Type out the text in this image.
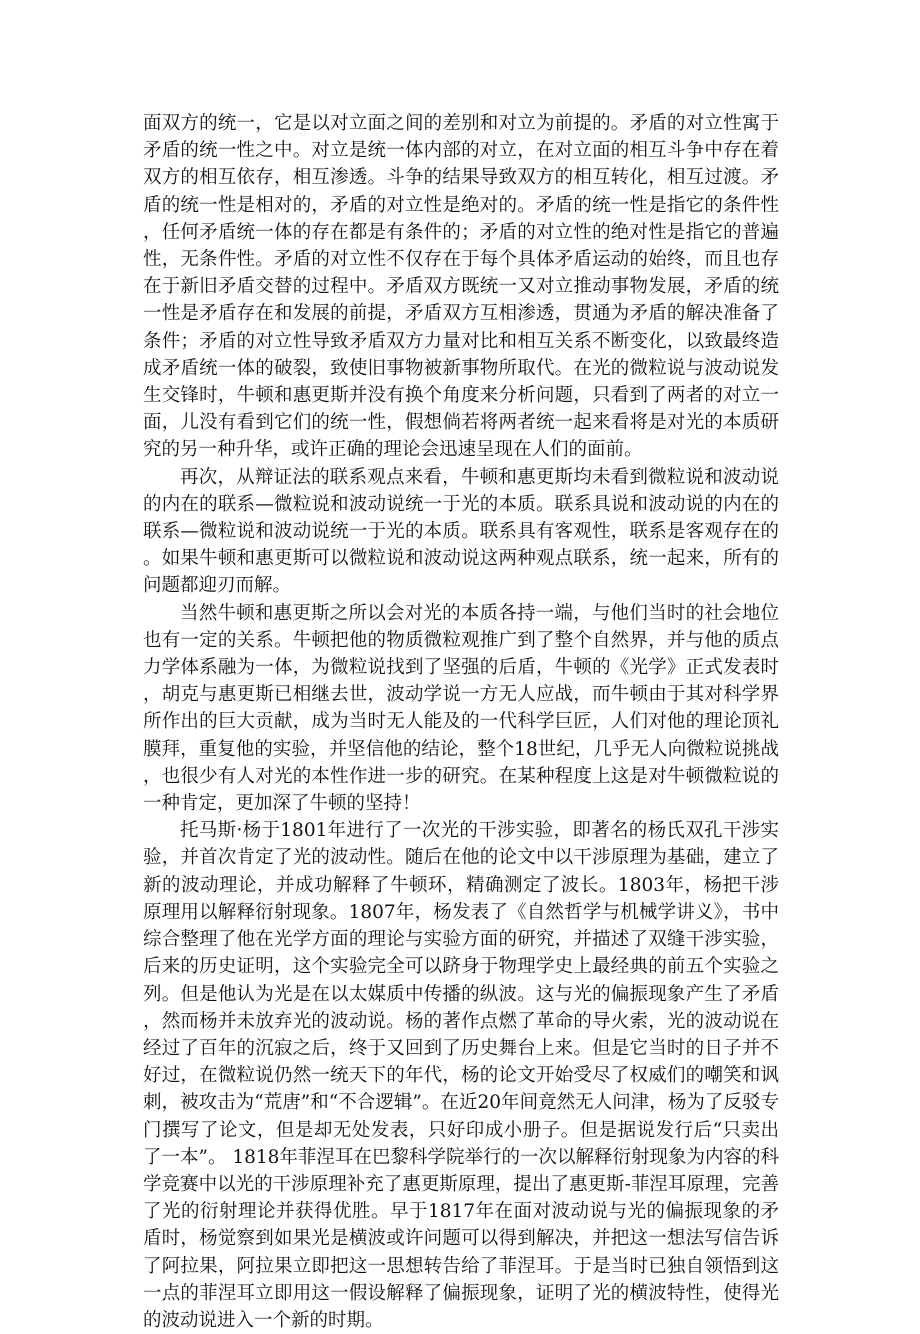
面双方的统一，它是以对立面之间的差别和对立为前提的。矛盾的对立性寓于矛盾的统一性之中。对立是统一体内部的对立，在对立面的相互斗争中存在着双方的相互依存，相互渗透。斗争的结果导致双方的相互转化，相互过渡。矛盾的统一性是相对的，矛盾的对立性是绝对的。矛盾的统一性是指它的条件性，任何矛盾统一体的存在都是有条件的；矛盾的对立性的绝对性是指它的普遍性，无条件性。矛盾的对立性不仅存在于每个具体矛盾运动的始终，而且也存在于新旧矛盾交替的过程中。矛盾双方既统一又对立推动事物发展，矛盾的统一性是矛盾存在和发展的前提，矛盾双方互相渗透，贯通为矛盾的解决准备了条件；矛盾的对立性导致矛盾双方力量对比和相互关系不断变化，以致最终造成矛盾统一体的破裂，致使旧事物被新事物所取代。在光的微粒说与波动说发生交锋时，牛顿和惠更斯并没有换个角度来分析问题，只看到了两者的对立一面，儿没有看到它们的统一性，假想倘若将两者统一起来看将是对光的本质研究的另一种升华，或许正确的理论会迅速呈现在人们的面前。

再次，从辩证法的联系观点来看，牛顿和惠更斯均未看到微粒说和波动说的内在的联系—微粒说和波动说统一于光的本质。联系具说和波动说的内在的联系—微粒说和波动说统一于光的本质。联系具有客观性，联系是客观存在的。如果牛顿和惠更斯可以微粒说和波动说这两种观点联系，统一起来，所有的问题都迎刃而解。

当然牛顿和惠更斯之所以会对光的本质各持一端，与他们当时的社会地位也有一定的关系。牛顿把他的物质微粒观推广到了整个自然界，并与他的质点力学体系融为一体，为微粒说找到了坚强的后盾，牛顿的《光学》正式发表时，胡克与惠更斯已相继去世，波动学说一方无人应战，而牛顿由于其对科学界所作出的巨大贡献，成为当时无人能及的一代科学巨匠，人们对他的理论顶礼膜拜，重复他的实验，并坚信他的结论，整个18世纪，几乎无人向微粒说挑战，也很少有人对光的本性作进一步的研究。在某种程度上这是对牛顿微粒说的一种肯定，更加深了牛顿的坚持！

托马斯·杨于1801年进行了一次光的干涉实验，即著名的杨氏双孔干涉实验，并首次肯定了光的波动性。随后在他的论文中以干涉原理为基础，建立了新的波动理论，并成功解释了牛顿环，精确测定了波长。1803年，杨把干涉原理用以解释衍射现象。1807年，杨发表了《自然哲学与机械学讲义》，书中综合整理了他在光学方面的理论与实验方面的研究，并描述了双缝干涉实验，后来的历史证明，这个实验完全可以跻身于物理学史上最经典的前五个实验之列。但是他认为光是在以太媒质中传播的纵波。这与光的偏振现象产生了矛盾，然而杨并未放弃光的波动说。杨的著作点燃了革命的导火索，光的波动说在经过了百年的沉寂之后，终于又回到了历史舞台上来。但是它当时的日子并不好过，在微粒说仍然一统天下的年代，杨的论文开始受尽了权威们的嘲笑和讽刺，被攻击为“荒唐”和“不合逻辑”。在近20年间竟然无人问津，杨为了反驳专门撰写了论文，但是却无处发表，只好印成小册子。但是据说发行后“只卖出了一本”。 1818年菲涅耳在巴黎科学院举行的一次以解释衍射现象为内容的科学竞赛中以光的干涉原理补充了惠更斯原理，提出了惠更斯-菲涅耳原理，完善了光的衍射理论并获得优胜。早于1817年在面对波动说与光的偏振现象的矛盾时，杨觉察到如果光是横波或许问题可以得到解决，并把这一想法写信告诉了阿拉果，阿拉果立即把这一思想转告给了菲涅耳。于是当时已独自领悟到这一点的菲涅耳立即用这一假设解释了偏振现象，证明了光的横波特性，使得光的波动说进入一个新的时期。
